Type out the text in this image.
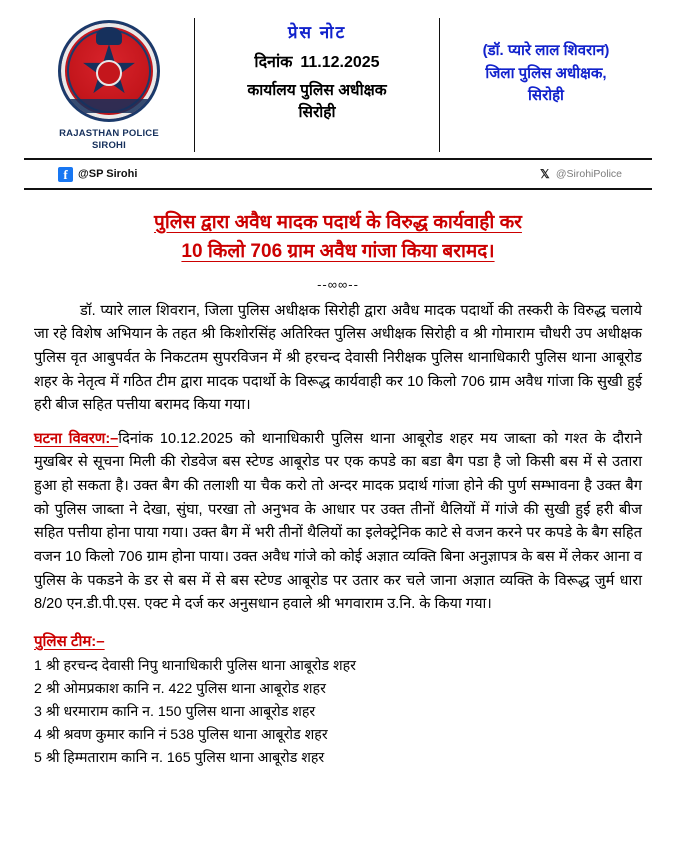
RAJASTHAN POLICE
SIROHI
प्रेस नोट
दिनांक 11.12.2025
कार्यालय पुलिस अधीक्षक
सिरोही
(डॉ. प्यारे लाल शिवरान)
जिला पुलिस अधीक्षक,
सिरोही
f @SP Sirohi	𝕏 @SirohiPolice
पुलिस द्वारा अवैध मादक पदार्थ के विरुद्ध कार्यवाही कर
10 किलो 706 ग्राम अवैध गांजा किया बरामद।
--∞∞--

डॉ. प्यारे लाल शिवरान, जिला पुलिस अधीक्षक सिरोही द्वारा अवैध मादक पदार्थो की तस्करी के विरुद्ध चलाये जा रहे विशेष अभियान के तहत श्री किशोरसिंह अतिरिक्त पुलिस अधीक्षक सिरोही व श्री गोमाराम चौधरी उप अधीक्षक पुलिस वृत आबुपर्वत के निकटतम सुपरविजन में श्री हरचन्द देवासी निरीक्षक पुलिस थानाधिकारी पुलिस थाना आबूरोड शहर के नेतृत्व में गठित टीम द्वारा मादक पदार्थो के विरूद्ध कार्यवाही कर 10 किलो 706 ग्राम अवैध गांजा कि सुखी हुई हरी बीज सहित पत्तीया बरामद किया गया।

घटना विवरण:–दिनांक 10.12.2025 को थानाधिकारी पुलिस थाना आबूरोड शहर मय जाब्ता को गश्त के दौराने मुखबिर से सूचना मिली की रोडवेज बस स्टेण्ड आबूरोड पर एक कपडे का बडा बैग पडा है जो किसी बस में से उतारा हुआ हो सकता है। उक्त बैग की तलाशी या चैक करो तो अन्दर मादक प्रदार्थ गांजा होने की पुर्ण सम्भावना है उक्त बैग को पुलिस जाब्ता ने देखा, सुंघा, परखा तो अनुभव के आधार पर उक्त तीनों थैलियों में गांजे की सुखी हुई हरी बीज सहित पत्तीया होना पाया गया। उक्त बैग में भरी तीनों थैलियों का इलेक्ट्रेनिक काटे से वजन करने पर कपडे के बैग सहित वजन 10 किलो 706 ग्राम होना पाया। उक्त अवैध गांजे को कोई अज्ञात व्यक्ति बिना अनुज्ञापत्र के बस में लेकर आना व पुलिस के पकडने के डर से बस में से बस स्टेण्ड आबूरोड पर उतार कर चले जाना अज्ञात व्यक्ति के विरूद्ध जुर्म धारा 8/20 एन.डी.पी.एस. एक्ट मे दर्ज कर अनुसधान हवाले श्री भगवाराम उ.नि. के किया गया।

पुलिस टीम:–
1 श्री हरचन्द देवासी निपु थानाधिकारी पुलिस थाना आबूरोड शहर
2 श्री ओमप्रकाश कानि न. 422 पुलिस थाना आबूरोड शहर
3 श्री धरमाराम कानि न. 150 पुलिस थाना आबूरोड शहर
4 श्री श्रवण कुमार कानि नं 538 पुलिस थाना आबूरोड शहर
5 श्री हिम्मताराम कानि न. 165 पुलिस थाना आबूरोड शहर
